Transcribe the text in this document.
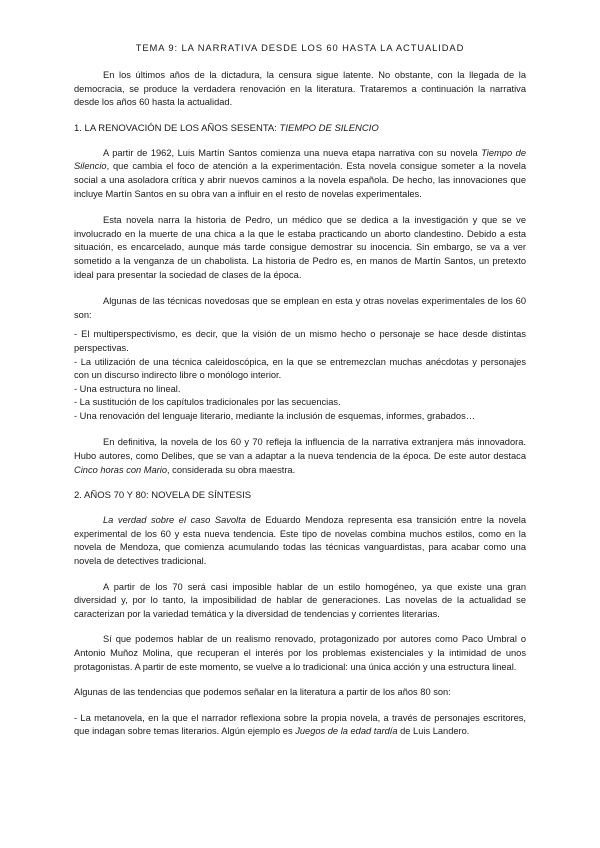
TEMA 9: LA NARRATIVA DESDE LOS 60 HASTA LA ACTUALIDAD

En los últimos años de la dictadura, la censura sigue latente. No obstante, con la llegada de la democracia, se produce la verdadera renovación en la literatura. Trataremos a continuación la narrativa desde los años 60 hasta la actualidad.

1. LA RENOVACIÓN DE LOS AÑOS SESENTA: TIEMPO DE SILENCIO

A partir de 1962, Luis Martín Santos comienza una nueva etapa narrativa con su novela Tiempo de Silencio, que cambia el foco de atención a la experimentación. Esta novela consigue someter a la novela social a una asoladora crítica y abrir nuevos caminos a la novela española. De hecho, las innovaciones que incluye Martín Santos en su obra van a influir en el resto de novelas experimentales.

Esta novela narra la historia de Pedro, un médico que se dedica a la investigación y que se ve involucrado en la muerte de una chica a la que le estaba practicando un aborto clandestino. Debido a esta situación, es encarcelado, aunque más tarde consigue demostrar su inocencia. Sin embargo, se va a ver sometido a la venganza de un chabolista. La historia de Pedro es, en manos de Martín Santos, un pretexto ideal para presentar la sociedad de clases de la época.

Algunas de las técnicas novedosas que se emplean en esta y otras novelas experimentales de los 60 son:

- El multiperspectivismo, es decir, que la visión de un mismo hecho o personaje se hace desde distintas perspectivas.

- La utilización de una técnica caleidoscópica, en la que se entremezclan muchas anécdotas y personajes con un discurso indirecto libre o monólogo interior.

- Una estructura no lineal.

- La sustitución de los capítulos tradicionales por las secuencias.

- Una renovación del lenguaje literario, mediante la inclusión de esquemas, informes, grabados…

En definitiva, la novela de los 60 y 70 refleja la influencia de la narrativa extranjera más innovadora. Hubo autores, como Delibes, que se van a adaptar a la nueva tendencia de la época. De este autor destaca Cinco horas con Mario, considerada su obra maestra.

2. AÑOS 70 Y 80: NOVELA DE SÍNTESIS

La verdad sobre el caso Savolta de Eduardo Mendoza representa esa transición entre la novela experimental de los 60 y esta nueva tendencia. Este tipo de novelas combina muchos estilos, como en la novela de Mendoza, que comienza acumulando todas las técnicas vanguardistas, para acabar como una novela de detectives tradicional.

A partir de los 70 será casi imposible hablar de un estilo homogéneo, ya que existe una gran diversidad y, por lo tanto, la imposibilidad de hablar de generaciones. Las novelas de la actualidad se caracterizan por la variedad temática y la diversidad de tendencias y corrientes literarias.

Sí que podemos hablar de un realismo renovado, protagonizado por autores como Paco Umbral o Antonio Muñoz Molina, que recuperan el interés por los problemas existenciales y la intimidad de unos protagonistas. A partir de este momento, se vuelve a lo tradicional: una única acción y una estructura lineal.

Algunas de las tendencias que podemos señalar en la literatura a partir de los años 80 son:

- La metanovela, en la que el narrador reflexiona sobre la propia novela, a través de personajes escritores, que indagan sobre temas literarios. Algún ejemplo es Juegos de la edad tardía de Luis Landero.
